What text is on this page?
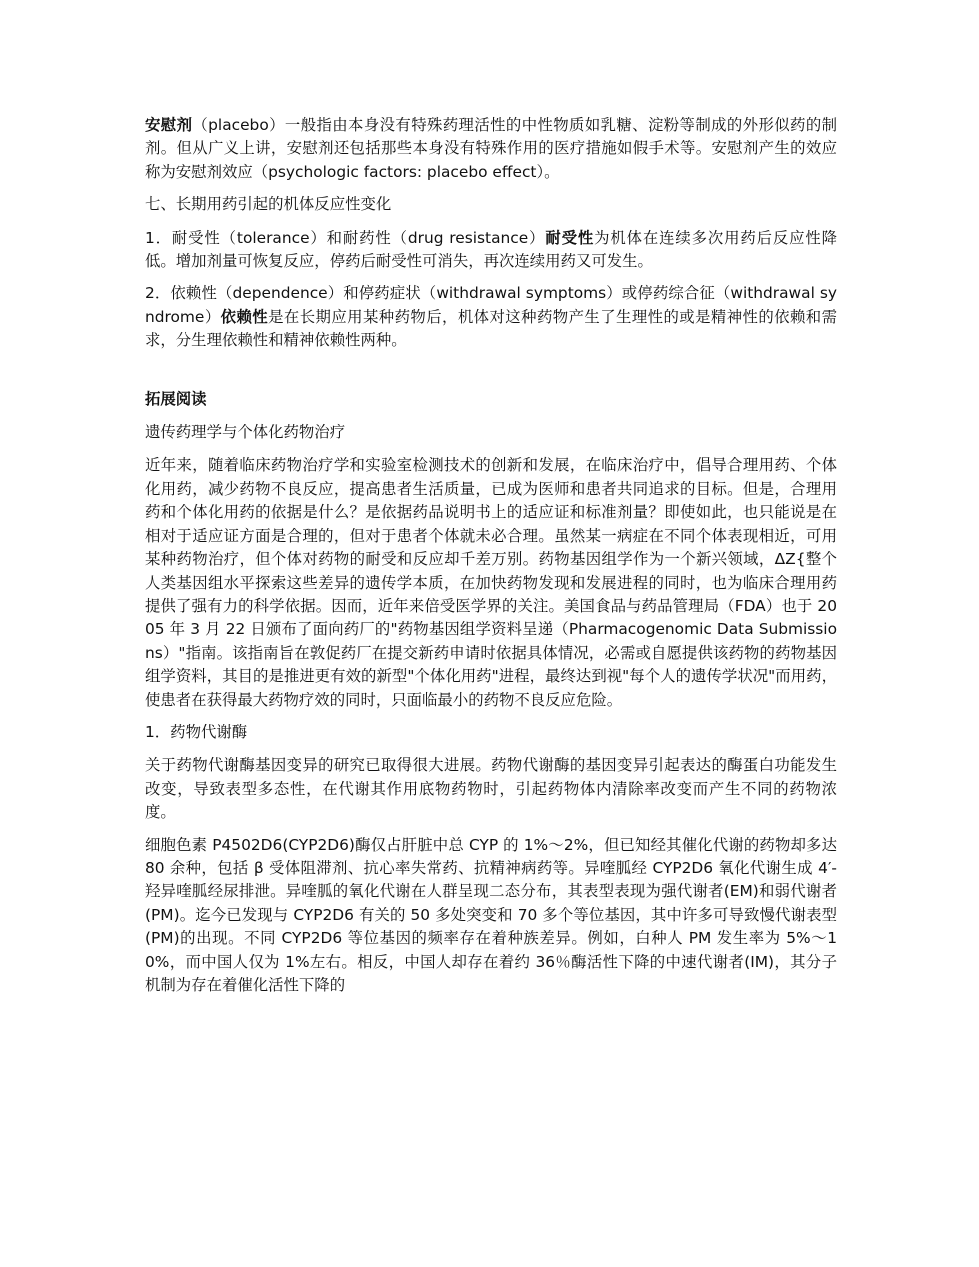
安慰剂（placebo）一般指由本身没有特殊药理活性的中性物质如乳糖、淀粉等制成的外形似药的制剂。但从广义上讲，安慰剂还包括那些本身没有特殊作用的医疗措施如假手术等。安慰剂产生的效应称为安慰剂效应（psychologic factors: placebo effect）。

七、长期用药引起的机体反应性变化

1．耐受性（tolerance）和耐药性（drug resistance）耐受性为机体在连续多次用药后反应性降低。增加剂量可恢复反应，停药后耐受性可消失，再次连续用药又可发生。

2．依赖性（dependence）和停药症状（withdrawal symptoms）或停药综合征（withdrawal syndrome）依赖性是在长期应用某种药物后，机体对这种药物产生了生理性的或是精神性的依赖和需求，分生理依赖性和精神依赖性两种。

拓展阅读

遗传药理学与个体化药物治疗

近年来，随着临床药物治疗学和实验室检测技术的创新和发展，在临床治疗中，倡导合理用药、个体化用药，减少药物不良反应，提高患者生活质量，已成为医师和患者共同追求的目标。但是，合理用药和个体化用药的依据是什么？是依据药品说明书上的适应证和标准剂量？即使如此，也只能说是在相对于适应证方面是合理的，但对于患者个体就未必合理。虽然某一病症在不同个体表现相近，可用某种药物治疗，但个体对药物的耐受和反应却千差万别。药物基因组学作为一个新兴领域，ΔZ{整个人类基因组水平探索这些差异的遗传学本质，在加快药物发现和发展进程的同时，也为临床合理用药提供了强有力的科学依据。因而，近年来倍受医学界的关注。美国食品与药品管理局（FDA）也于 2005 年 3 月 22 日颁布了面向药厂的"药物基因组学资料呈递（Pharmacogenomic Data Submissions）"指南。该指南旨在敦促药厂在提交新药申请时依据具体情况，必需或自愿提供该药物的药物基因组学资料，其目的是推进更有效的新型"个体化用药"进程，最终达到视"每个人的遗传学状况"而用药，使患者在获得最大药物疗效的同时，只面临最小的药物不良反应危险。

1．药物代谢酶

关于药物代谢酶基因变异的研究已取得很大进展。药物代谢酶的基因变异引起表达的酶蛋白功能发生改变，导致表型多态性，在代谢其作用底物药物时，引起药物体内清除率改变而产生不同的药物浓度。

细胞色素 P4502D6(CYP2D6)酶仅占肝脏中总 CYP 的 1%～2%，但已知经其催化代谢的药物却多达 80 余种，包括 β 受体阻滞剂、抗心率失常药、抗精神病药等。异喹胍经 CYP2D6 氧化代谢生成 4′-羟异喹胍经尿排泄。异喹胍的氧化代谢在人群呈现二态分布，其表型表现为强代谢者(EM)和弱代谢者(PM)。迄今已发现与 CYP2D6 有关的 50 多处突变和 70 多个等位基因，其中许多可导致慢代谢表型(PM)的出现。不同 CYP2D6 等位基因的频率存在着种族差异。例如，白种人 PM 发生率为 5%～10%，而中国人仅为 1%左右。相反，中国人却存在着约 36％酶活性下降的中速代谢者(IM)，其分子机制为存在着催化活性下降的
